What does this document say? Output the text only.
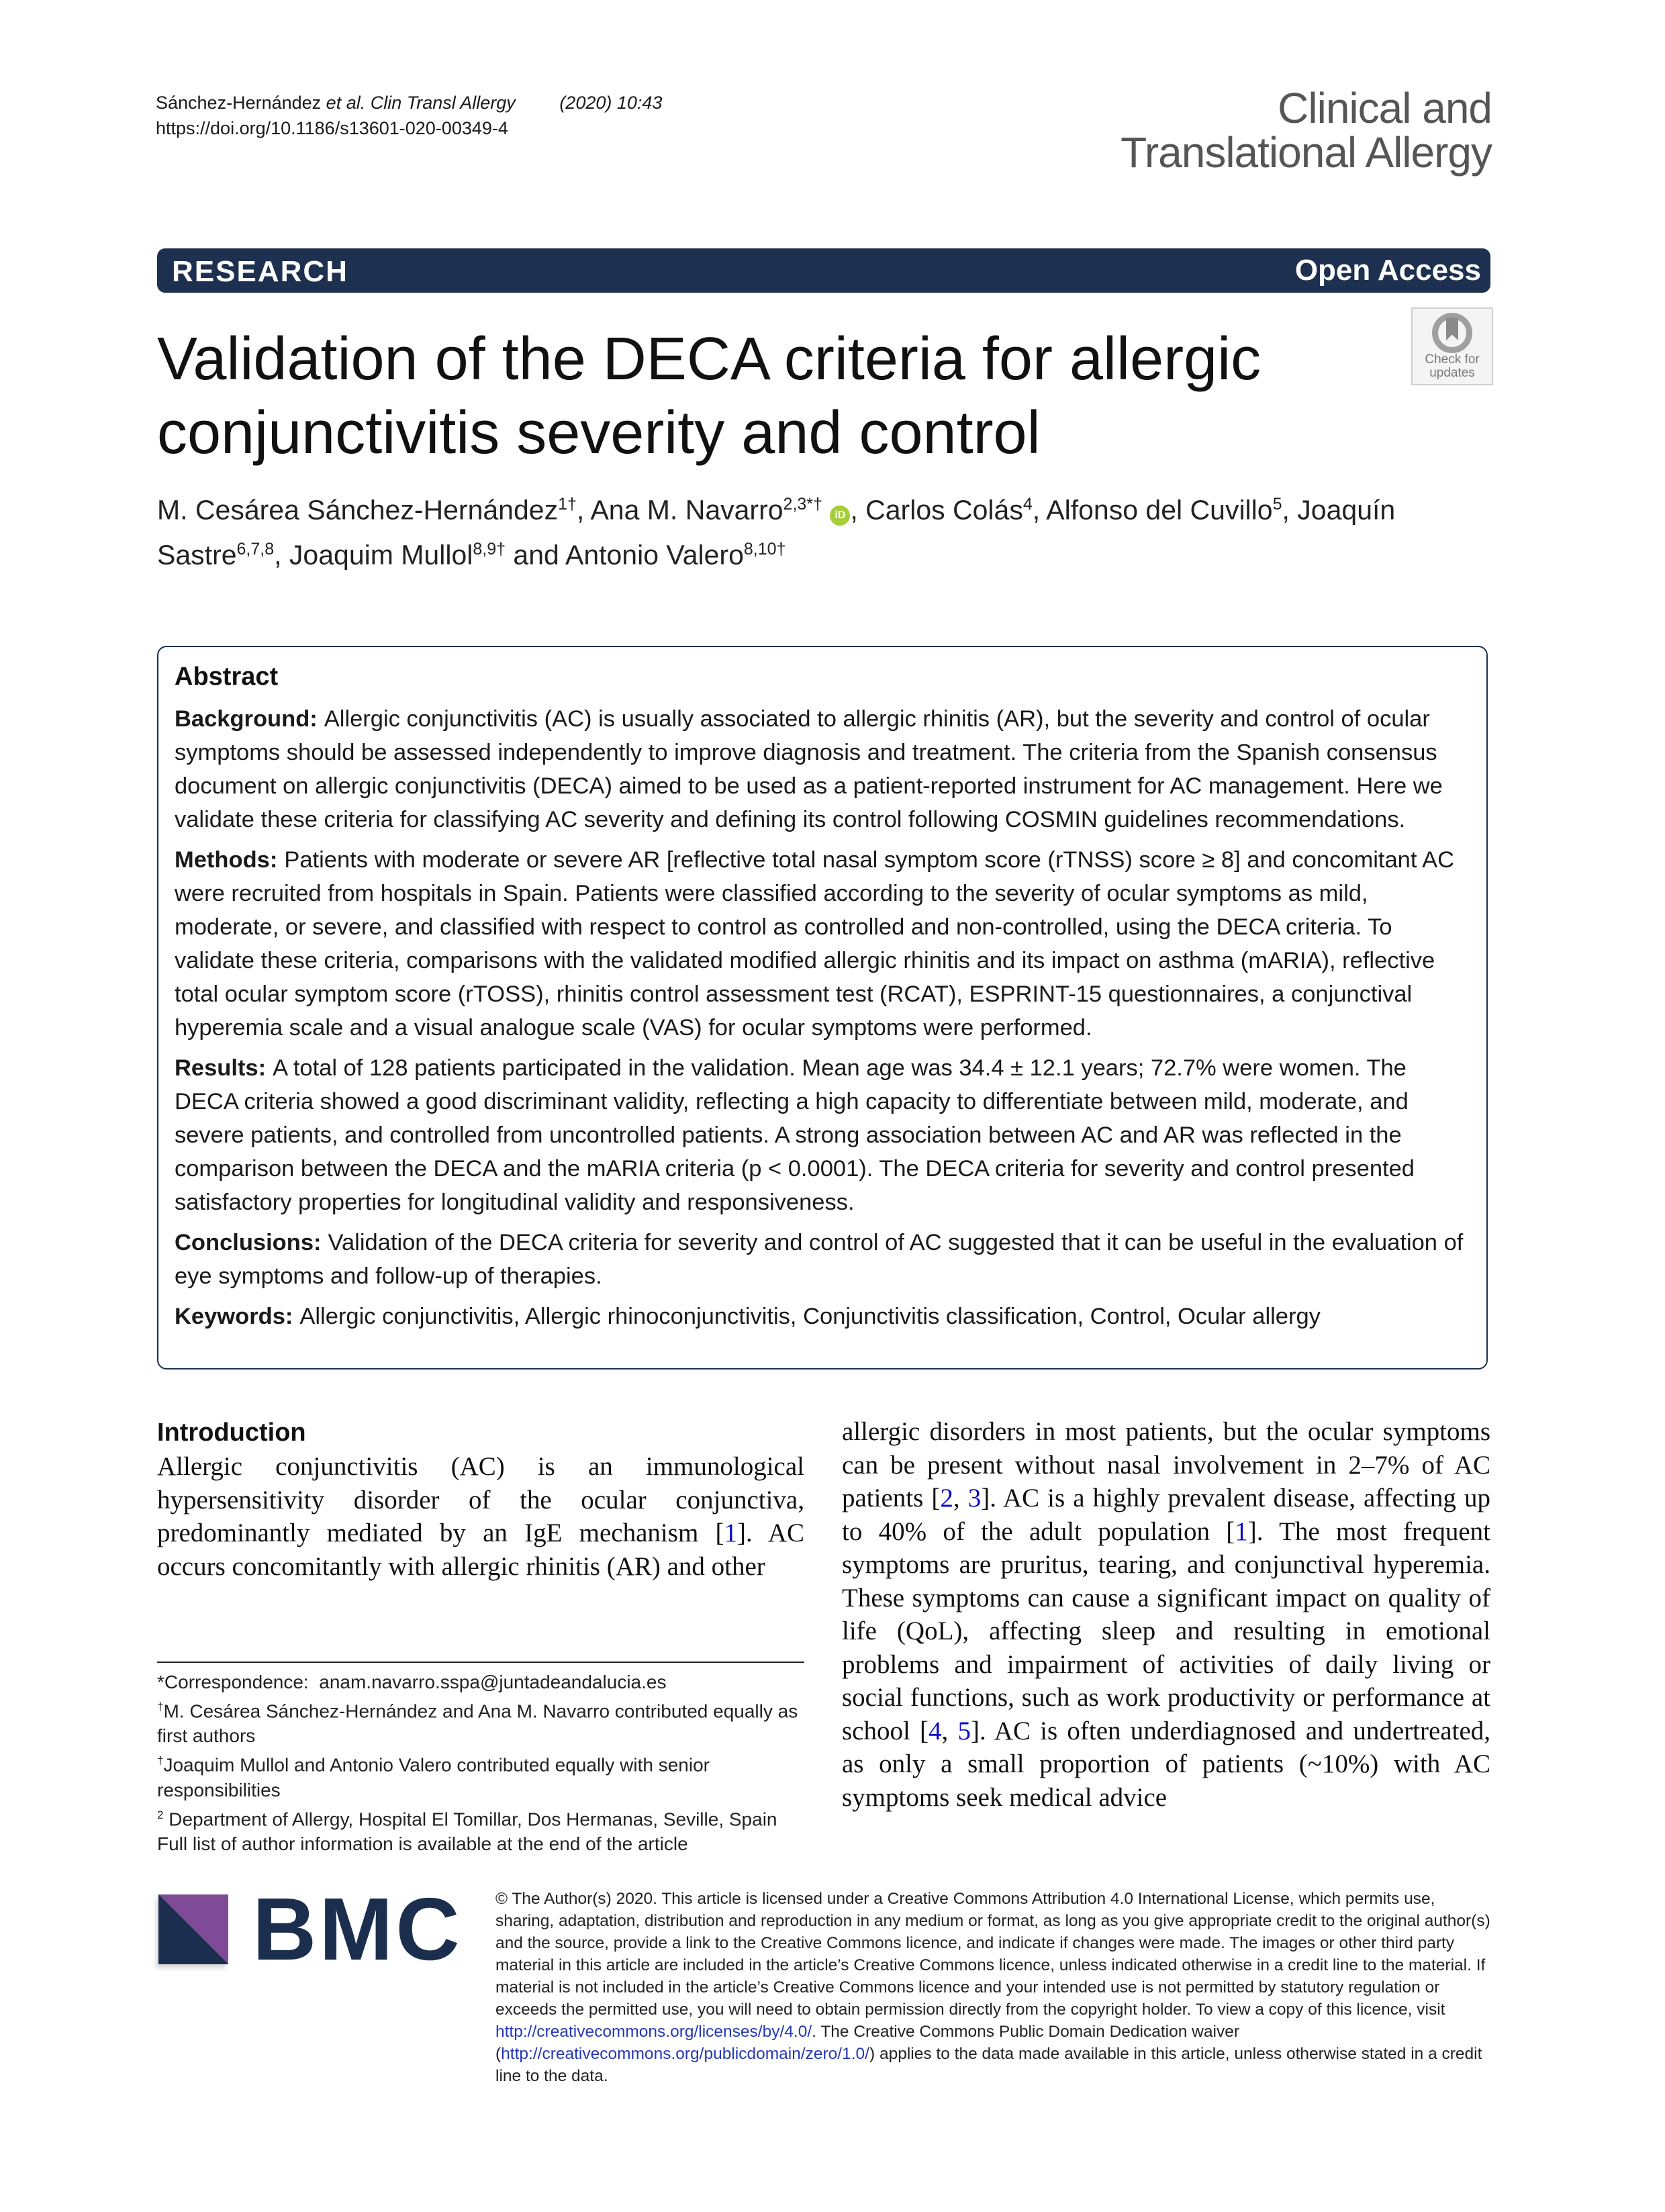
Sánchez-Hernández et al. Clin Transl Allergy (2020) 10:43
https://doi.org/10.1186/s13601-020-00349-4	Clinical and
Translational Allergy
RESEARCH	Open Access
Validation of the DECA criteria for allergic conjunctivitis severity and control
Check for
updates
M. Cesárea Sánchez-Hernández$^{1\dagger}$, Ana M. Navarro$^{2,3*\dagger}$ iD , Carlos Colás$^4$, Alfonso del Cuvillo$^5$, Joaquín Sastre$^{6,7,8}$, Joaquim Mullol$^{8,9\dagger}$ and Antonio Valero$^{8,10\dagger}$
Abstract

Background: Allergic conjunctivitis (AC) is usually associated to allergic rhinitis (AR), but the severity and control of ocular symptoms should be assessed independently to improve diagnosis and treatment. The criteria from the Spanish consensus document on allergic conjunctivitis (DECA) aimed to be used as a patient-reported instrument for AC management. Here we validate these criteria for classifying AC severity and defining its control following COSMIN guidelines recommendations.

Methods: Patients with moderate or severe AR [reflective total nasal symptom score (rTNSS) score ≥ 8] and concomitant AC were recruited from hospitals in Spain. Patients were classified according to the severity of ocular symptoms as mild, moderate, or severe, and classified with respect to control as controlled and non-controlled, using the DECA criteria. To validate these criteria, comparisons with the validated modified allergic rhinitis and its impact on asthma (mARIA), reflective total ocular symptom score (rTOSS), rhinitis control assessment test (RCAT), ESPRINT-15 questionnaires, a conjunctival hyperemia scale and a visual analogue scale (VAS) for ocular symptoms were performed.

Results: A total of 128 patients participated in the validation. Mean age was 34.4 ± 12.1 years; 72.7% were women. The DECA criteria showed a good discriminant validity, reflecting a high capacity to differentiate between mild, moderate, and severe patients, and controlled from uncontrolled patients. A strong association between AC and AR was reflected in the comparison between the DECA and the mARIA criteria (p < 0.0001). The DECA criteria for severity and control presented satisfactory properties for longitudinal validity and responsiveness.

Conclusions: Validation of the DECA criteria for severity and control of AC suggested that it can be useful in the evaluation of eye symptoms and follow-up of therapies.

Keywords: Allergic conjunctivitis, Allergic rhinoconjunctivitis, Conjunctivitis classification, Control, Ocular allergy

Introduction

Allergic conjunctivitis (AC) is an immunological hypersensitivity disorder of the ocular conjunctiva, predominantly mediated by an IgE mechanism [1]. AC occurs concomitantly with allergic rhinitis (AR) and other

allergic disorders in most patients, but the ocular symptoms can be present without nasal involvement in 2–7% of AC patients [2, 3]. AC is a highly prevalent disease, affecting up to 40% of the adult population [1]. The most frequent symptoms are pruritus, tearing, and conjunctival hyperemia. These symptoms can cause a significant impact on quality of life (QoL), affecting sleep and resulting in emotional problems and impairment of activities of daily living or social functions, such as work productivity or performance at school [4, 5]. AC is often underdiagnosed and undertreated, as only a small proportion of patients (~10%) with AC symptoms seek medical advice

*Correspondence: anam.navarro.sspa@juntadeandalucia.es
†M. Cesárea Sánchez-Hernández and Ana M. Navarro contributed equally as first authors
†Joaquim Mullol and Antonio Valero contributed equally with senior responsibilities
$^2$ Department of Allergy, Hospital El Tomillar, Dos Hermanas, Seville, Spain
Full list of author information is available at the end of the article
BMC © The Author(s) 2020. This article is licensed under a Creative Commons Attribution 4.0 International License, which permits use, sharing, adaptation, distribution and reproduction in any medium or format, as long as you give appropriate credit to the original author(s) and the source, provide a link to the Creative Commons licence, and indicate if changes were made. The images or other third party material in this article are included in the article’s Creative Commons licence, unless indicated otherwise in a credit line to the material. If material is not included in the article’s Creative Commons licence and your intended use is not permitted by statutory regulation or exceeds the permitted use, you will need to obtain permission directly from the copyright holder. To view a copy of this licence, visit http://creativecommons.org/licenses/by/4.0/. The Creative Commons Public Domain Dedication waiver (http://creativecommons.org/publicdomain/zero/1.0/) applies to the data made available in this article, unless otherwise stated in a credit line to the data.
